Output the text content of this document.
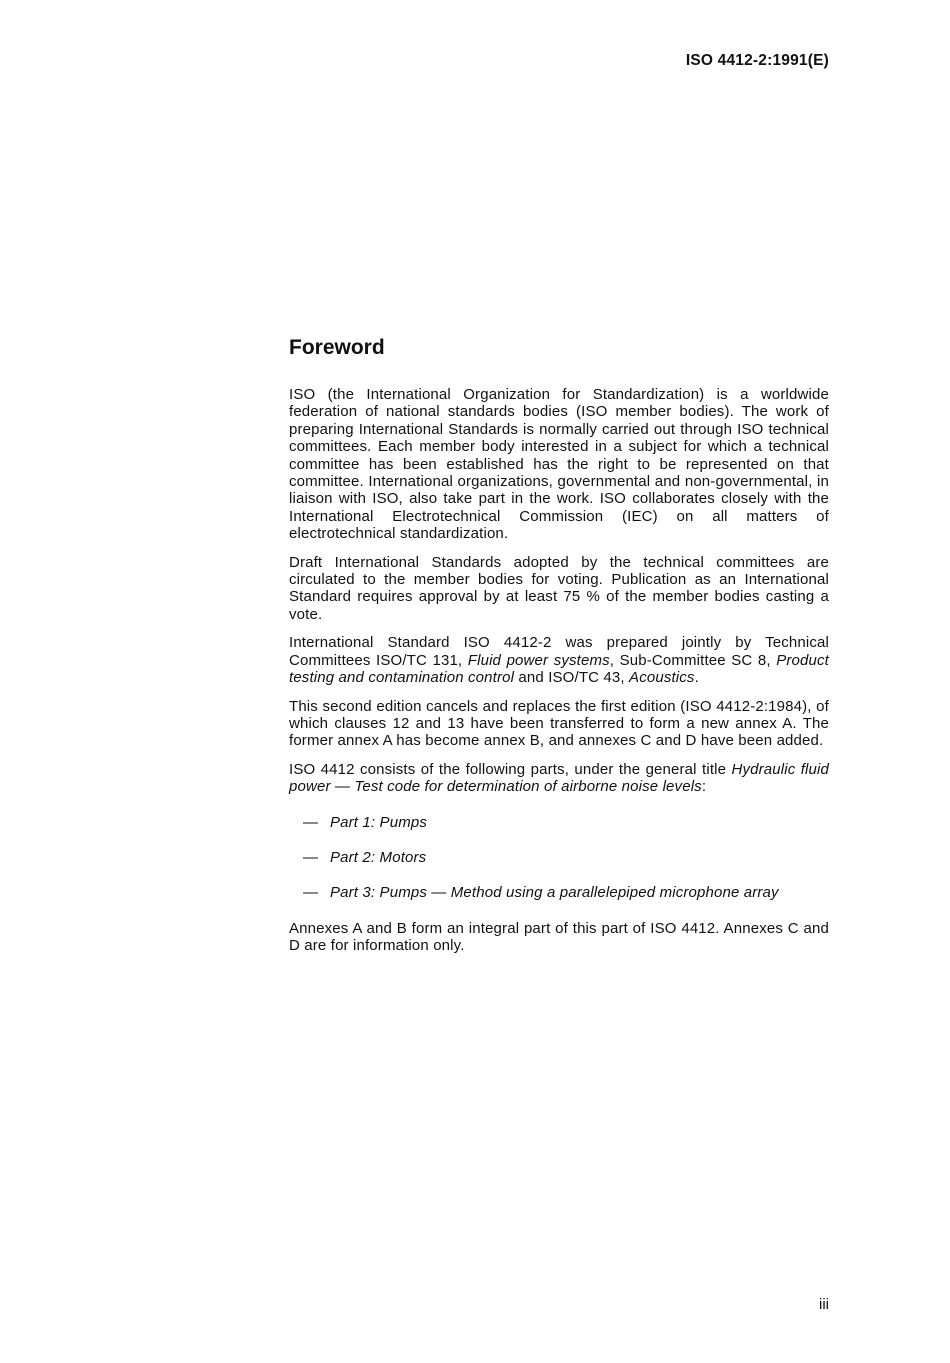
ISO 4412-2:1991(E)
Foreword

ISO (the International Organization for Standardization) is a worldwide federation of national standards bodies (ISO member bodies). The work of preparing International Standards is normally carried out through ISO technical committees. Each member body interested in a subject for which a technical committee has been established has the right to be represented on that committee. International organizations, governmental and non-governmental, in liaison with ISO, also take part in the work. ISO collaborates closely with the International Electrotechnical Commission (IEC) on all matters of electrotechnical standardization.

Draft International Standards adopted by the technical committees are circulated to the member bodies for voting. Publication as an International Standard requires approval by at least 75 % of the member bodies casting a vote.

International Standard ISO 4412-2 was prepared jointly by Technical Committees ISO/TC 131, Fluid power systems, Sub-Committee SC 8, Product testing and contamination control and ISO/TC 43, Acoustics.

This second edition cancels and replaces the first edition (ISO 4412-2:1984), of which clauses 12 and 13 have been transferred to form a new annex A. The former annex A has become annex B, and annexes C and D have been added.

ISO 4412 consists of the following parts, under the general title Hydraulic fluid power — Test code for determination of airborne noise levels:

— Part 1: Pumps
— Part 2: Motors
— Part 3: Pumps — Method using a parallelepiped microphone array

Annexes A and B form an integral part of this part of ISO 4412. Annexes C and D are for information only.

iii
